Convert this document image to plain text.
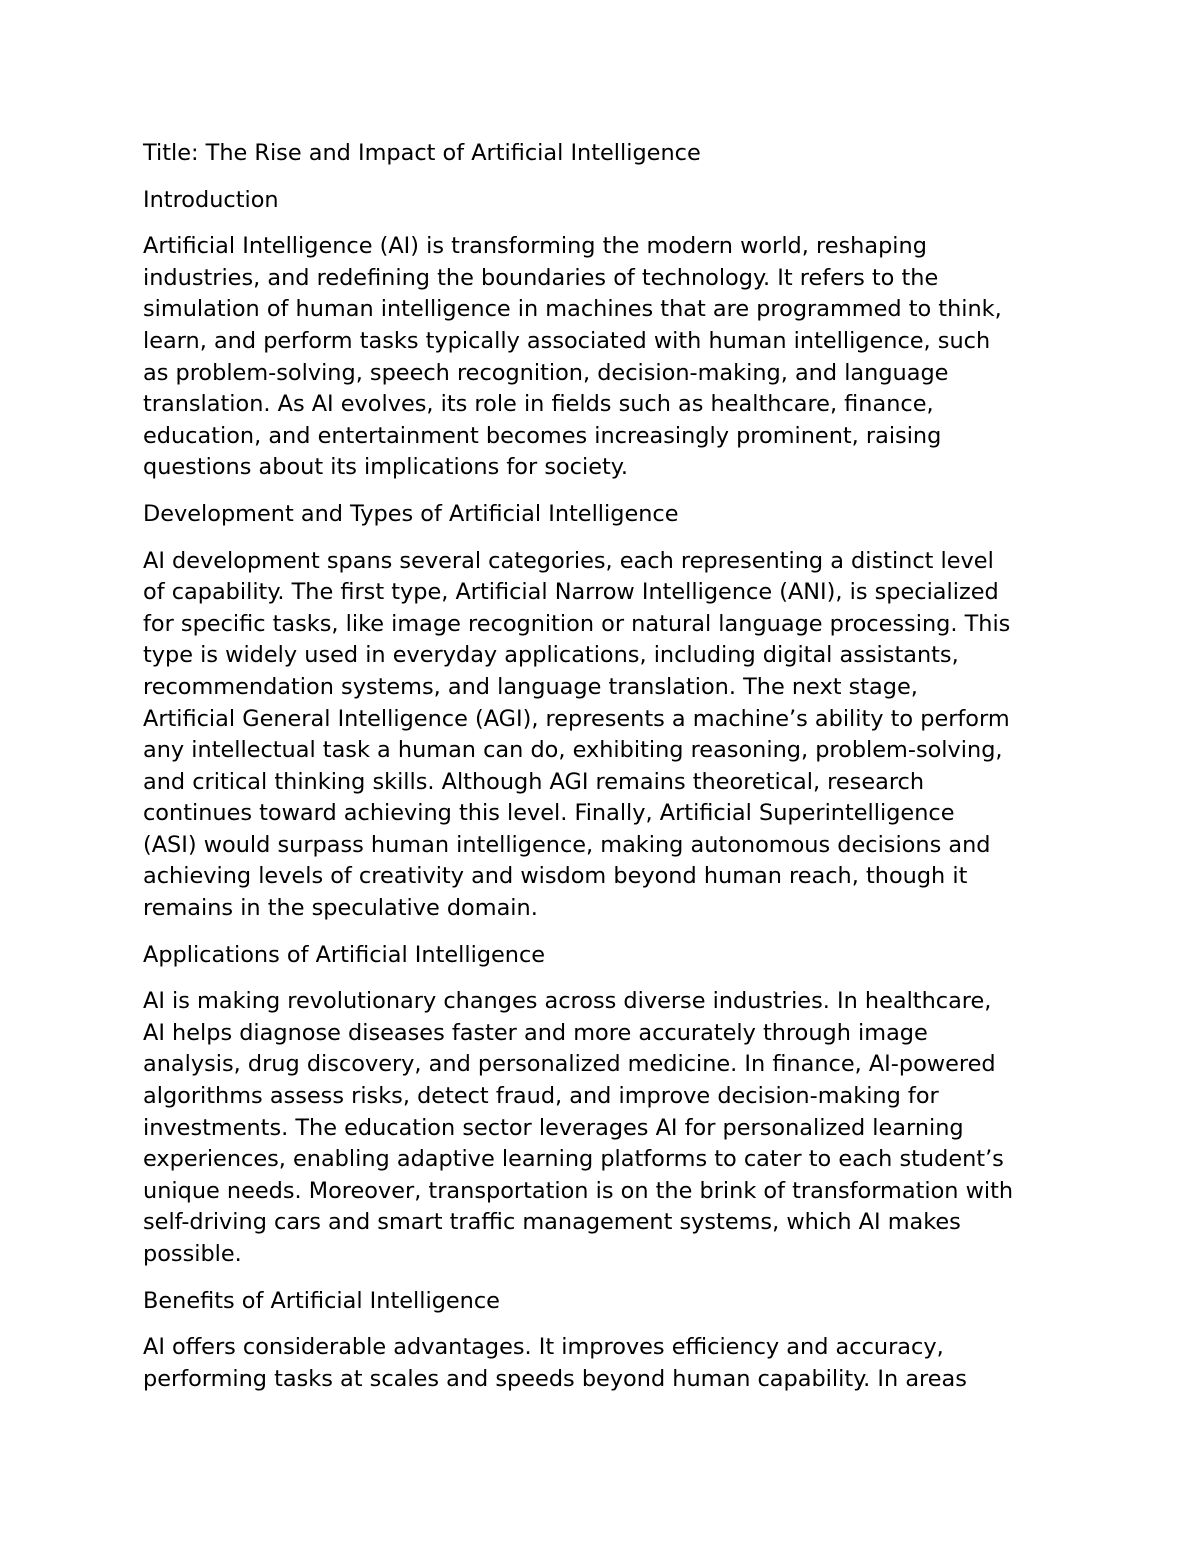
Title: The Rise and Impact of Artificial Intelligence
Introduction
Artificial Intelligence (AI) is transforming the modern world, reshaping
industries, and redefining the boundaries of technology. It refers to the
simulation of human intelligence in machines that are programmed to think,
learn, and perform tasks typically associated with human intelligence, such
as problem-solving, speech recognition, decision-making, and language
translation. As AI evolves, its role in fields such as healthcare, finance,
education, and entertainment becomes increasingly prominent, raising
questions about its implications for society.
Development and Types of Artificial Intelligence
AI development spans several categories, each representing a distinct level
of capability. The first type, Artificial Narrow Intelligence (ANI), is specialized
for specific tasks, like image recognition or natural language processing. This
type is widely used in everyday applications, including digital assistants,
recommendation systems, and language translation. The next stage,
Artificial General Intelligence (AGI), represents a machine’s ability to perform
any intellectual task a human can do, exhibiting reasoning, problem-solving,
and critical thinking skills. Although AGI remains theoretical, research
continues toward achieving this level. Finally, Artificial Superintelligence
(ASI) would surpass human intelligence, making autonomous decisions and
achieving levels of creativity and wisdom beyond human reach, though it
remains in the speculative domain.
Applications of Artificial Intelligence
AI is making revolutionary changes across diverse industries. In healthcare,
AI helps diagnose diseases faster and more accurately through image
analysis, drug discovery, and personalized medicine. In finance, AI-powered
algorithms assess risks, detect fraud, and improve decision-making for
investments. The education sector leverages AI for personalized learning
experiences, enabling adaptive learning platforms to cater to each student’s
unique needs. Moreover, transportation is on the brink of transformation with
self-driving cars and smart traffic management systems, which AI makes
possible.
Benefits of Artificial Intelligence
AI offers considerable advantages. It improves efficiency and accuracy,
performing tasks at scales and speeds beyond human capability. In areas
